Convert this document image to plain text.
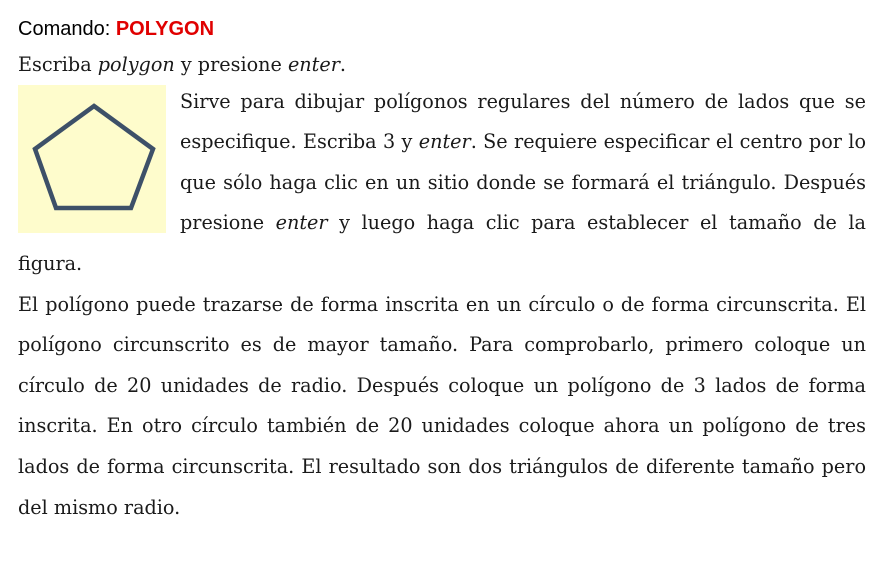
Comando: POLYGON

Escriba polygon y presione enter.

Sirve para dibujar polígonos regulares del número de lados que se especifique. Escriba 3 y enter. Se requiere especificar el centro por lo que sólo haga clic en un sitio donde se formará el triángulo. Después presione enter y luego haga clic para establecer el tamaño de la figura.

El polígono puede trazarse de forma inscrita en un círculo o de forma circunscrita. El polígono circunscrito es de mayor tamaño. Para comprobarlo, primero coloque un círculo de 20 unidades de radio. Después coloque un polígono de 3 lados de forma inscrita. En otro círculo también de 20 unidades coloque ahora un polígono de tres lados de forma circunscrita. El resultado son dos triángulos de diferente tamaño pero del mismo radio.
